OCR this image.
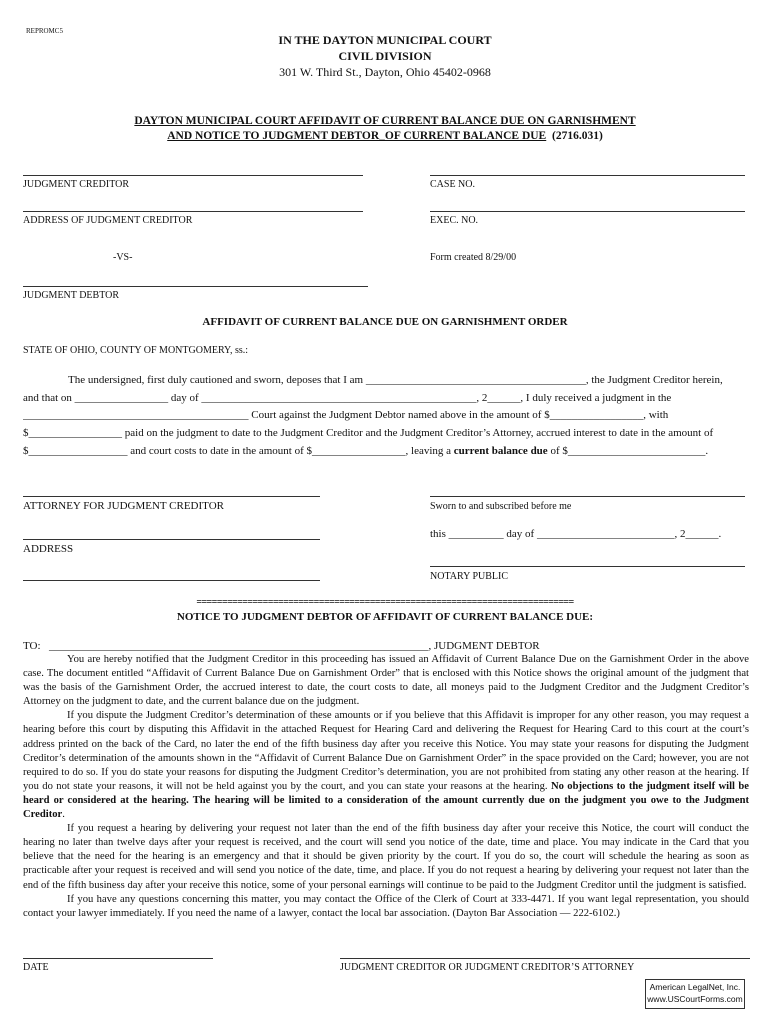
REPROMC5
IN THE DAYTON MUNICIPAL COURT
CIVIL DIVISION
301 W. Third St., Dayton, Ohio 45402-0968
DAYTON MUNICIPAL COURT AFFIDAVIT OF CURRENT BALANCE DUE ON GARNISHMENT
AND NOTICE TO JUDGMENT DEBTOR_OF CURRENT BALANCE DUE (2716.031)
JUDGMENT CREDITOR	CASE NO.
ADDRESS OF JUDGMENT CREDITOR	EXEC. NO.
-VS-	Form created 8/29/00
JUDGMENT DEBTOR
AFFIDAVIT OF CURRENT BALANCE DUE ON GARNISHMENT ORDER
STATE OF OHIO, COUNTY OF MONTGOMERY, ss.:
The undersigned, first duly cautioned and sworn, deposes that I am ________________________________________, the Judgment Creditor herein,
and that on _________________ day of __________________________________________________, 2______, I duly received a judgment in the
_________________________________________ Court against the Judgment Debtor named above in the amount of $_________________, with
$_________________ paid on the judgment to date to the Judgment Creditor and the Judgment Creditor’s Attorney, accrued interest to date in the amount of
$__________________ and court costs to date in the amount of $_________________, leaving a current balance due of $_________________________.
ATTORNEY FOR JUDGMENT CREDITOR	Sworn to and subscribed before me
ADDRESS
this __________ day of _________________________, 2______.
NOTARY PUBLIC
==========================================================================
NOTICE TO JUDGMENT DEBTOR OF AFFIDAVIT OF CURRENT BALANCE DUE:
TO: _____________________________________________________________________, JUDGMENT DEBTOR

You are hereby notified that the Judgment Creditor in this proceeding has issued an Affidavit of Current Balance Due on the Garnishment Order in the above case. The document entitled “Affidavit of Current Balance Due on Garnishment Order” that is enclosed with this Notice shows the original amount of the judgment that was the basis of the Garnishment Order, the accrued interest to date, the court costs to date, all moneys paid to the Judgment Creditor and the Judgment Creditor’s Attorney on the judgment to date, and the current balance due on the judgment.

If you dispute the Judgment Creditor’s determination of these amounts or if you believe that this Affidavit is improper for any other reason, you may request a hearing before this court by disputing this Affidavit in the attached Request for Hearing Card and delivering the Request for Hearing Card to this court at the court’s address printed on the back of the Card, no later the end of the fifth business day after you receive this Notice. You may state your reasons for disputing the Judgment Creditor’s determination of the amounts shown in the “Affidavit of Current Balance Due on Garnishment Order” in the space provided on the Card; however, you are not required to do so. If you do state your reasons for disputing the Judgment Creditor’s determination, you are not prohibited from stating any other reason at the hearing. If you do not state your reasons, it will not be held against you by the court, and you can state your reasons at the hearing. No objections to the judgment itself will be heard or considered at the hearing. The hearing will be limited to a consideration of the amount currently due on the judgment you owe to the Judgment Creditor.

If you request a hearing by delivering your request not later than the end of the fifth business day after your receive this Notice, the court will conduct the hearing no later than twelve days after your request is received, and the court will send you notice of the date, time and place. You may indicate in the Card that you believe that the need for the hearing is an emergency and that it should be given priority by the court. If you do so, the court will schedule the hearing as soon as practicable after your request is received and will send you notice of the date, time, and place. If you do not request a hearing by delivering your request not later than the end of the fifth business day after your receive this notice, some of your personal earnings will continue to be paid to the Judgment Creditor until the judgment is satisfied.

If you have any questions concerning this matter, you may contact the Office of the Clerk of Court at 333-4471. If you want legal representation, you should contact your lawyer immediately. If you need the name of a lawyer, contact the local bar association. (Dayton Bar Association — 222-6102.)

DATE	JUDGMENT CREDITOR OR JUDGMENT CREDITOR’S ATTORNEY
American LegalNet, Inc.
www.USCourtForms.com
